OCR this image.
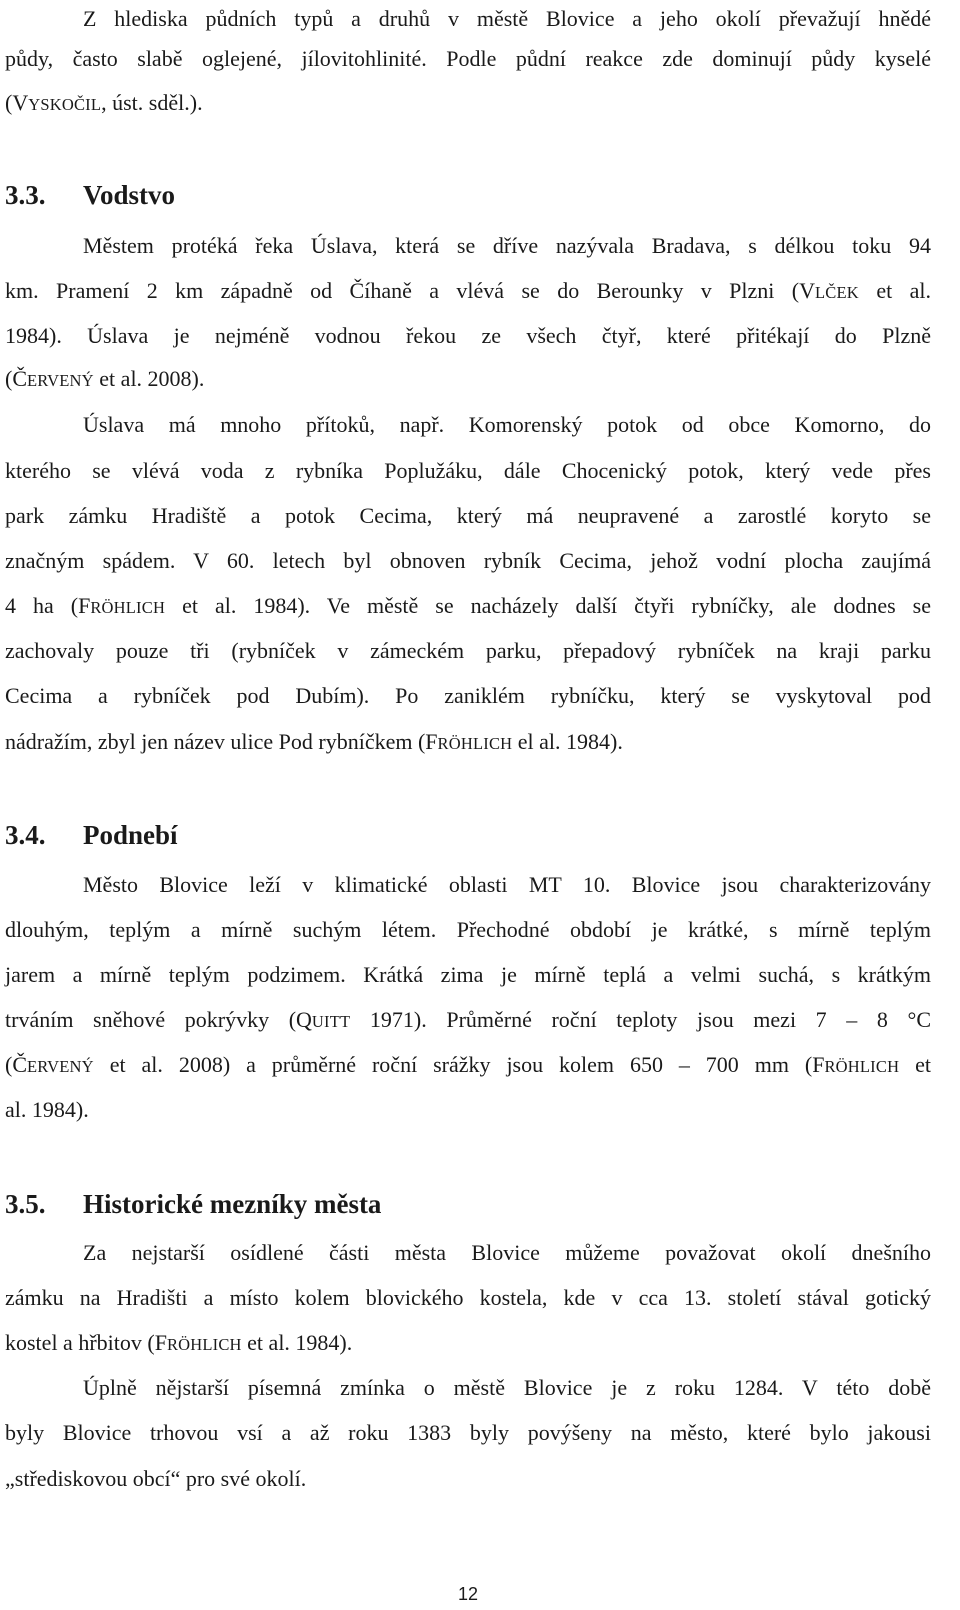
Z hlediska půdních typů a druhů v městě Blovice a jeho okolí převažují hnědé
půdy, často slabě oglejené, jílovitohlinité. Podle půdní reakce zde dominují půdy kyselé
(VYSKOČIL, úst. sděl.).
3.3. Vodstvo
Městem protéká řeka Úslava, která se dříve nazývala Bradava, s délkou toku 94
km. Pramení 2 km západně od Číhaně a vlévá se do Berounky v Plzni (VLČEK et al.
1984). Úslava je nejméně vodnou řekou ze všech čtyř, které přitékají do Plzně
(ČERVENÝ et al. 2008).
Úslava má mnoho přítoků, např. Komorenský potok od obce Komorno, do
kterého se vlévá voda z rybníka Poplužáku, dále Chocenický potok, který vede přes
park zámku Hradiště a potok Cecima, který má neupravené a zarostlé koryto se
značným spádem. V 60. letech byl obnoven rybník Cecima, jehož vodní plocha zaujímá
4 ha (FRÖHLICH et al. 1984). Ve městě se nacházely další čtyři rybníčky, ale dodnes se
zachovaly pouze tři (rybníček v zámeckém parku, přepadový rybníček na kraji parku
Cecima a rybníček pod Dubím). Po zaniklém rybníčku, který se vyskytoval pod
nádražím, zbyl jen název ulice Pod rybníčkem (FRÖHLICH el al. 1984).
3.4. Podnebí
Město Blovice leží v klimatické oblasti MT 10. Blovice jsou charakterizovány
dlouhým, teplým a mírně suchým létem. Přechodné období je krátké, s mírně teplým
jarem a mírně teplým podzimem. Krátká zima je mírně teplá a velmi suchá, s krátkým
trváním sněhové pokrývky (QUITT 1971). Průměrné roční teploty jsou mezi 7 – 8 °C
(ČERVENÝ et al. 2008) a průměrné roční srážky jsou kolem 650 – 700 mm (FRÖHLICH et
al. 1984).
3.5. Historické mezníky města
Za nejstarší osídlené části města Blovice můžeme považovat okolí dnešního
zámku na Hradišti a místo kolem blovického kostela, kde v cca 13. století stával gotický
kostel a hřbitov (FRÖHLICH et al. 1984).
Úplně nějstarší písemná zmínka o městě Blovice je z roku 1284. V této době
byly Blovice trhovou vsí a až roku 1383 byly povýšeny na město, které bylo jakousi
„střediskovou obcí“ pro své okolí.
12
